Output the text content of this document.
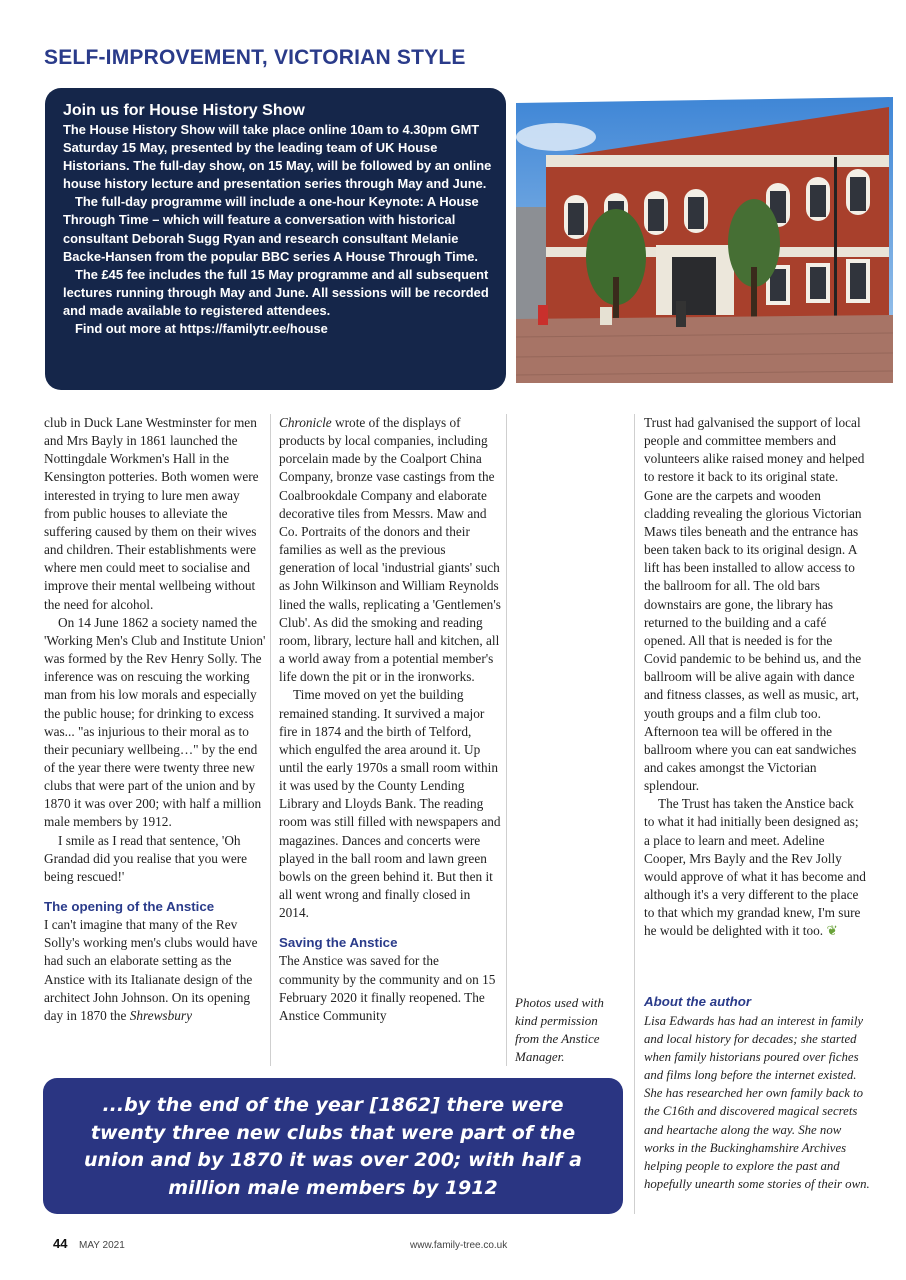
SELF-IMPROVEMENT, VICTORIAN STYLE
Join us for House History Show

The House History Show will take place online 10am to 4.30pm GMT Saturday 15 May, presented by the leading team of UK House Historians. The full-day show, on 15 May, will be followed by an online house history lecture and presentation series through May and June.

The full-day programme will include a one-hour Keynote: A House Through Time – which will feature a conversation with historical consultant Deborah Sugg Ryan and research consultant Melanie Backe-Hansen from the popular BBC series A House Through Time.

The £45 fee includes the full 15 May programme and all subsequent lectures running through May and June. All sessions will be recorded and made available to registered attendees.

Find out more at https://familytr.ee/house

club in Duck Lane Westminster for men and Mrs Bayly in 1861 launched the Nottingdale Workmen's Hall in the Kensington potteries. Both women were interested in trying to lure men away from public houses to alleviate the suffering caused by them on their wives and children. Their establishments were where men could meet to socialise and improve their mental wellbeing without the need for alcohol.

On 14 June 1862 a society named the 'Working Men's Club and Institute Union' was formed by the Rev Henry Solly. The inference was on rescuing the working man from his low morals and especially the public house; for drinking to excess was... "as injurious to their moral as to their pecuniary wellbeing…" by the end of the year there were twenty three new clubs that were part of the union and by 1870 it was over 200; with half a million male members by 1912.

I smile as I read that sentence, 'Oh Grandad did you realise that you were being rescued!'

The opening of the Anstice

I can't imagine that many of the Rev Solly's working men's clubs would have had such an elaborate setting as the Anstice with its Italianate design of the architect John Johnson. On its opening day in 1870 the Shrewsbury

Chronicle wrote of the displays of products by local companies, including porcelain made by the Coalport China Company, bronze vase castings from the Coalbrookdale Company and elaborate decorative tiles from Messrs. Maw and Co. Portraits of the donors and their families as well as the previous generation of local 'industrial giants' such as John Wilkinson and William Reynolds lined the walls, replicating a 'Gentlemen's Club'. As did the smoking and reading room, library, lecture hall and kitchen, all a world away from a potential member's life down the pit or in the ironworks.

Time moved on yet the building remained standing. It survived a major fire in 1874 and the birth of Telford, which engulfed the area around it. Up until the early 1970s a small room within it was used by the County Lending Library and Lloyds Bank. The reading room was still filled with newspapers and magazines. Dances and concerts were played in the ball room and lawn green bowls on the green behind it. But then it all went wrong and finally closed in 2014.

Saving the Anstice

The Anstice was saved for the community by the community and on 15 February 2020 it finally reopened. The Anstice Community

Photos used with kind permission from the Anstice Manager.

Trust had galvanised the support of local people and committee members and volunteers alike raised money and helped to restore it back to its original state. Gone are the carpets and wooden cladding revealing the glorious Victorian Maws tiles beneath and the entrance has been taken back to its original design. A lift has been installed to allow access to the ballroom for all. The old bars downstairs are gone, the library has returned to the building and a café opened. All that is needed is for the Covid pandemic to be behind us, and the ballroom will be alive again with dance and fitness classes, as well as music, art, youth groups and a film club too. Afternoon tea will be offered in the ballroom where you can eat sandwiches and cakes amongst the Victorian splendour.

The Trust has taken the Anstice back to what it had initially been designed as; a place to learn and meet. Adeline Cooper, Mrs Bayly and the Rev Jolly would approve of what it has become and although it's a very different to the place to that which my grandad knew, I'm sure he would be delighted with it too. ❦

About the author

Lisa Edwards has had an interest in family and local history for decades; she started when family historians poured over fiches and films long before the internet existed. She has researched her own family back to the C16th and discovered magical secrets and heartache along the way. She now works in the Buckinghamshire Archives helping people to explore the past and hopefully unearth some stories of their own.

...by the end of the year [1862] there were twenty three new clubs that were part of the union and by 1870 it was over 200; with half a million male members by 1912
44 MAY 2021	www.family-tree.co.uk
